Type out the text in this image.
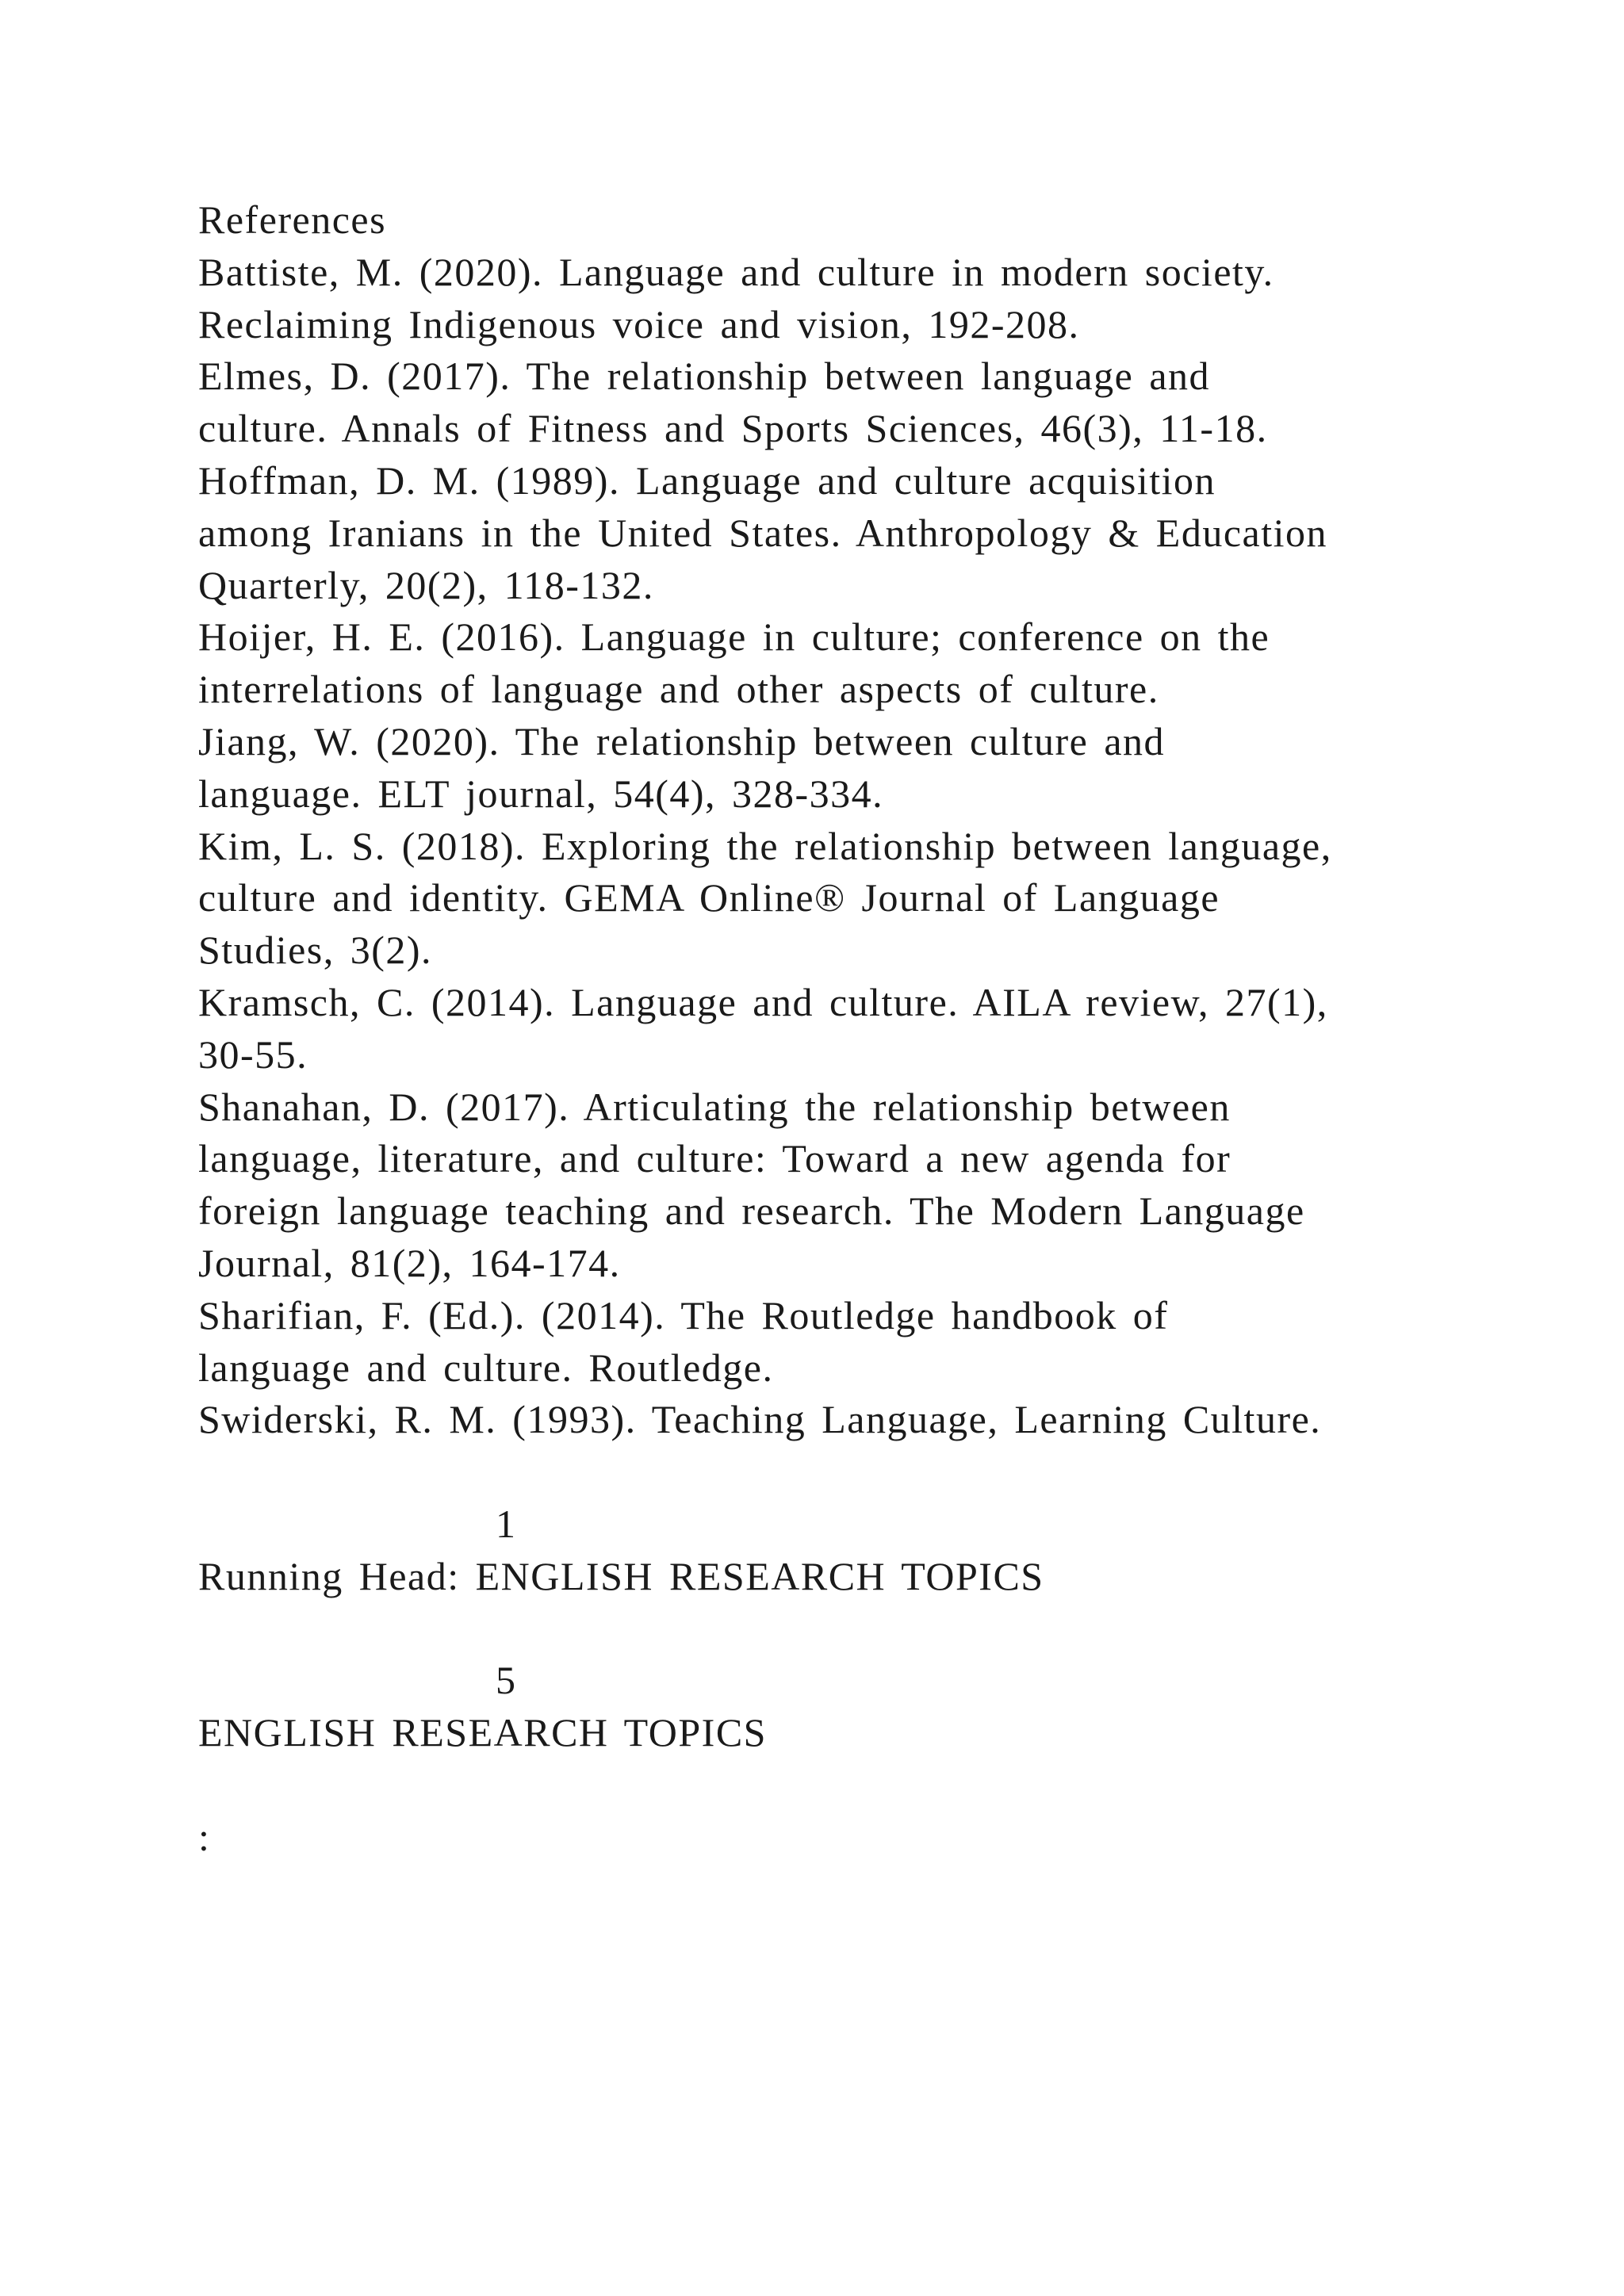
References
Battiste, M. (2020). Language and culture in modern society.
Reclaiming Indigenous voice and vision, 192-208.
Elmes, D. (2017). The relationship between language and
culture. Annals of Fitness and Sports Sciences, 46(3), 11-18.
Hoffman, D. M. (1989). Language and culture acquisition
among Iranians in the United States. Anthropology & Education
Quarterly, 20(2), 118-132.
Hoijer, H. E. (2016). Language in culture; conference on the
interrelations of language and other aspects of culture.
Jiang, W. (2020). The relationship between culture and
language. ELT journal, 54(4), 328-334.
Kim, L. S. (2018). Exploring the relationship between language,
culture and identity. GEMA Online® Journal of Language
Studies, 3(2).
Kramsch, C. (2014). Language and culture. AILA review, 27(1),
30-55.
Shanahan, D. (2017). Articulating the relationship between
language, literature, and culture: Toward a new agenda for
foreign language teaching and research. The Modern Language
Journal, 81(2), 164-174.
Sharifian, F. (Ed.). (2014). The Routledge handbook of
language and culture. Routledge.
Swiderski, R. M. (1993). Teaching Language, Learning Culture.
1
Running Head: ENGLISH RESEARCH TOPICS
5
ENGLISH RESEARCH TOPICS
:
